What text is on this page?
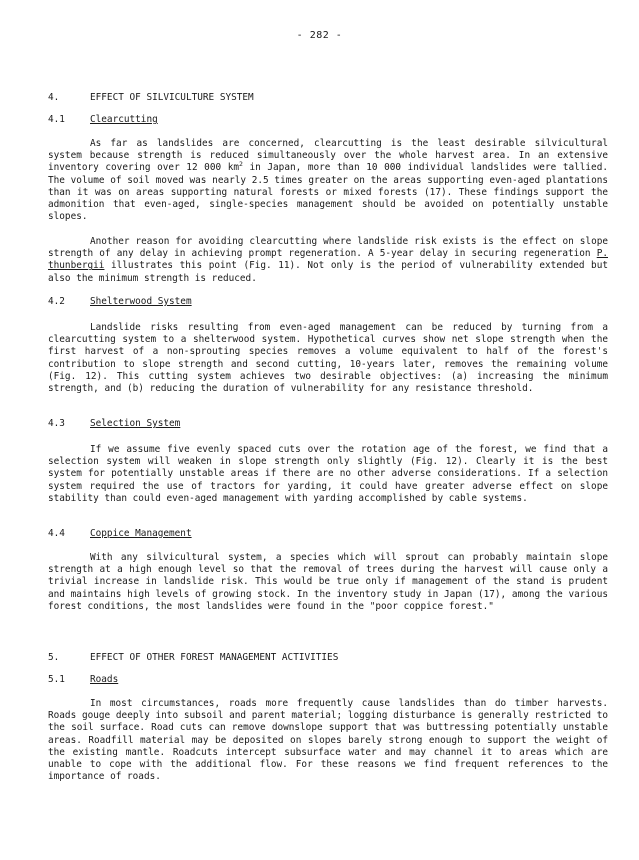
- 282 -
4.	EFFECT OF SILVICULTURE SYSTEM
4.1	Clearcutting
As far as landslides are concerned, clearcutting is the least desirable silvicultural system because strength is reduced simultaneously over the whole harvest area. In an extensive inventory covering over 12 000 $km^2$ in Japan, more than 10 000 individual landslides were tallied. The volume of soil moved was nearly 2.5 times greater on the areas supporting even-aged plantations than it was on areas supporting natural forests or mixed forests (17). These findings support the admonition that even-aged, single-species management should be avoided on potentially unstable slopes.
Another reason for avoiding clearcutting where landslide risk exists is the effect on slope strength of any delay in achieving prompt regeneration. A 5-year delay in securing regeneration P. thunbergii illustrates this point (Fig. 11). Not only is the period of vulnerability extended but also the minimum strength is reduced.
4.2	Shelterwood System
Landslide risks resulting from even-aged management can be reduced by turning from a clearcutting system to a shelterwood system. Hypothetical curves show net slope strength when the first harvest of a non-sprouting species removes a volume equivalent to half of the forest's contribution to slope strength and second cutting, 10-years later, removes the remaining volume (Fig. 12). This cutting system achieves two desirable objectives: (a) increasing the minimum strength, and (b) reducing the duration of vulnerability for any resistance threshold.
4.3	Selection System
If we assume five evenly spaced cuts over the rotation age of the forest, we find that a selection system will weaken in slope strength only slightly (Fig. 12). Clearly it is the best system for potentially unstable areas if there are no other adverse considerations. If a selection system required the use of tractors for yarding, it could have greater adverse effect on slope stability than could even-aged management with yarding accomplished by cable systems.
4.4	Coppice Management
With any silvicultural system, a species which will sprout can probably maintain slope strength at a high enough level so that the removal of trees during the harvest will cause only a trivial increase in landslide risk. This would be true only if management of the stand is prudent and maintains high levels of growing stock. In the inventory study in Japan (17), among the various forest conditions, the most landslides were found in the "poor coppice forest."
5.	EFFECT OF OTHER FOREST MANAGEMENT ACTIVITIES
5.1	Roads
In most circumstances, roads more frequently cause landslides than do timber harvests. Roads gouge deeply into subsoil and parent material; logging disturbance is generally restricted to the soil surface. Road cuts can remove downslope support that was buttressing potentially unstable areas. Roadfill material may be deposited on slopes barely strong enough to support the weight of the existing mantle. Roadcuts intercept subsurface water and may channel it to areas which are unable to cope with the additional flow. For these reasons we find frequent references to the importance of roads.
